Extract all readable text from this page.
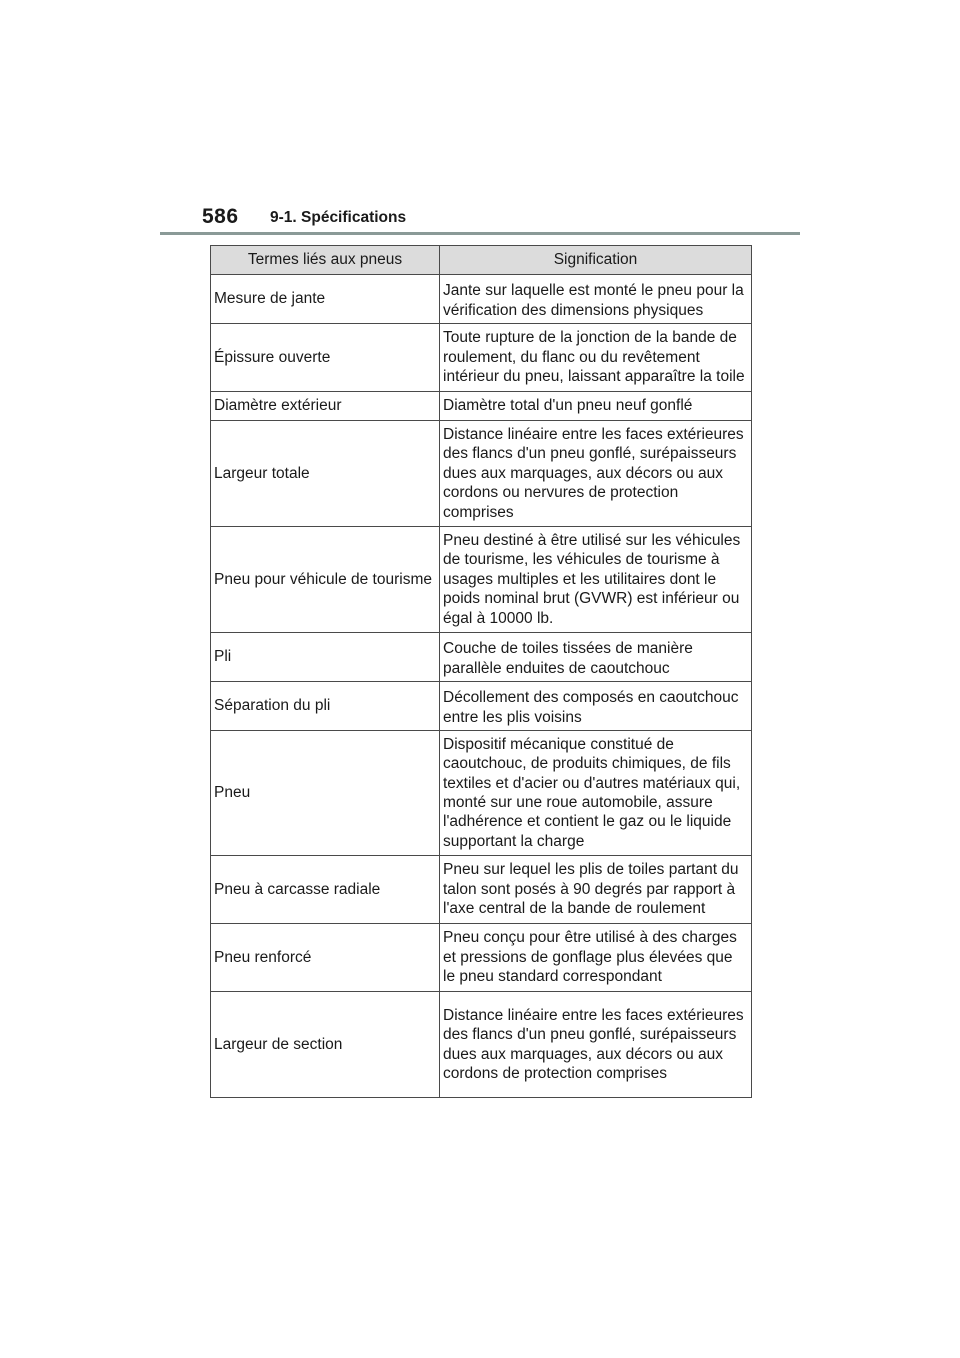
586 9-1. Spécifications
Termes liés aux pneus	Signification
Mesure de jante	Jante sur laquelle est monté le pneu pour la vérification des dimensions physiques
Épissure ouverte	Toute rupture de la jonction de la bande de roulement, du flanc ou du revêtement intérieur du pneu, laissant apparaître la toile
Diamètre extérieur	Diamètre total d'un pneu neuf gonflé
Largeur totale	Distance linéaire entre les faces extérieures des flancs d'un pneu gonflé, surépaisseurs dues aux marquages, aux décors ou aux cordons ou nervures de protection comprises
Pneu pour véhicule de tourisme	Pneu destiné à être utilisé sur les véhicules de tourisme, les véhicules de tourisme à usages multiples et les utilitaires dont le poids nominal brut (GVWR) est inférieur ou égal à 10000 lb.
Pli	Couche de toiles tissées de manière parallèle enduites de caoutchouc
Séparation du pli	Décollement des composés en caoutchouc entre les plis voisins
Pneu	Dispositif mécanique constitué de caoutchouc, de produits chimiques, de fils textiles et d'acier ou d'autres matériaux qui, monté sur une roue automobile, assure l'adhérence et contient le gaz ou le liquide supportant la charge
Pneu à carcasse radiale	Pneu sur lequel les plis de toiles partant du talon sont posés à 90 degrés par rapport à l'axe central de la bande de roulement
Pneu renforcé	Pneu conçu pour être utilisé à des charges et pressions de gonflage plus élevées que le pneu standard correspondant
Largeur de section	Distance linéaire entre les faces extérieures des flancs d'un pneu gonflé, surépaisseurs dues aux marquages, aux décors ou aux cordons de protection comprises
